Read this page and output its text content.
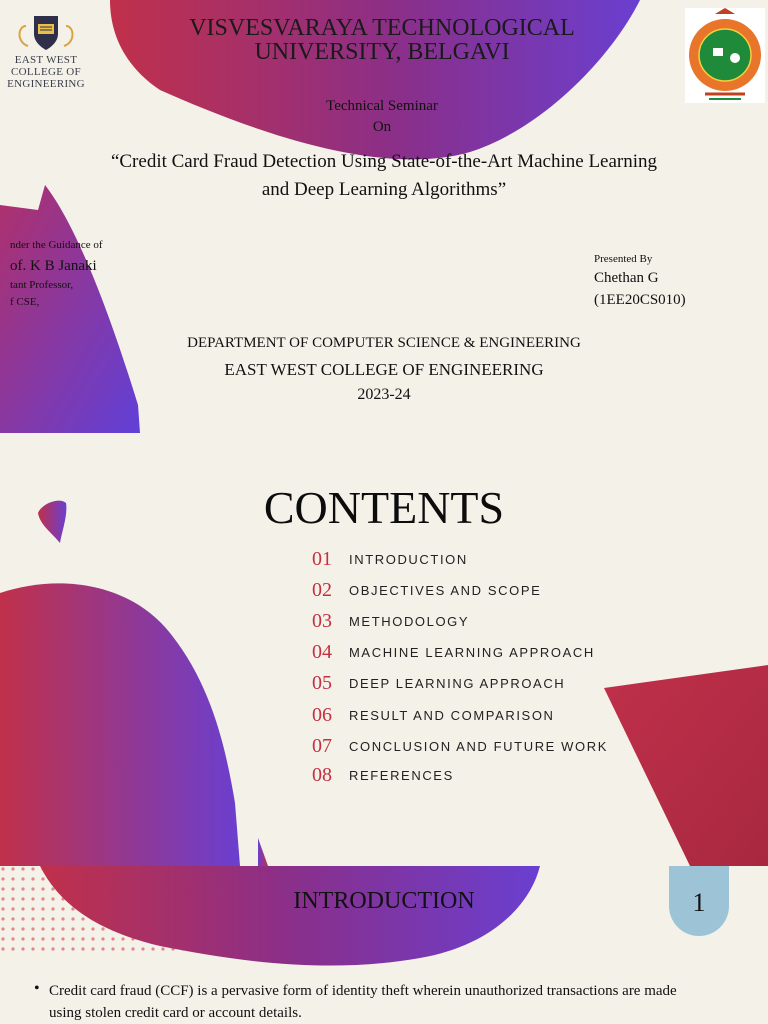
EAST WEST
COLLEGE OF
ENGINEERING
VISVESVARAYA TECHNOLOGICAL
UNIVERSITY, BELGAVI
Technical Seminar
On
“Credit Card Fraud Detection Using State-of-the-Art Machine Learning
and Deep Learning Algorithms”
nder the Guidance of
of. K B Janaki
tant Professor,
f CSE,
Presented By
Chethan G
(1EE20CS010)
DEPARTMENT OF COMPUTER SCIENCE & ENGINEERING
EAST WEST COLLEGE OF ENGINEERING
2023-24
CONTENTS
01 INTRODUCTION
02 OBJECTIVES AND SCOPE
03 METHODOLOGY
04 MACHINE LEARNING APPROACH
05 DEEP LEARNING APPROACH
06 RESULT AND COMPARISON
07 CONCLUSION AND FUTURE WORK
08 REFERENCES
INTRODUCTION	1
• Credit card fraud (CCF) is a pervasive form of identity theft wherein unauthorized transactions are made
using stolen credit card or account details.
